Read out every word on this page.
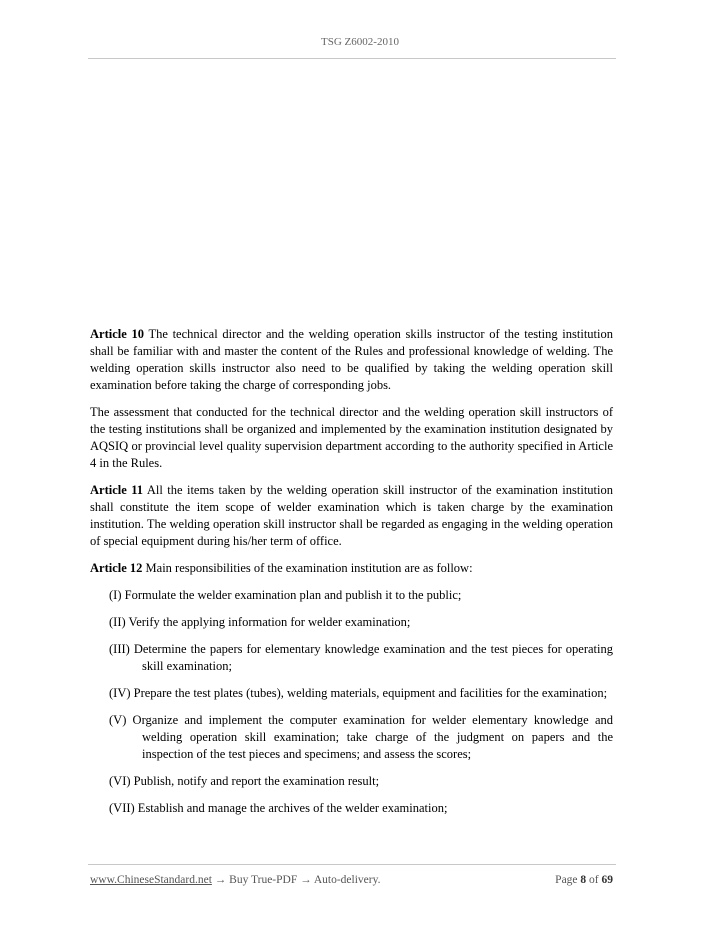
TSG Z6002-2010

Article 10 The technical director and the welding operation skills instructor of the testing institution shall be familiar with and master the content of the Rules and professional knowledge of welding. The welding operation skills instructor also need to be qualified by taking the welding operation skill examination before taking the charge of corresponding jobs.

The assessment that conducted for the technical director and the welding operation skill instructors of the testing institutions shall be organized and implemented by the examination institution designated by AQSIQ or provincial level quality supervision department according to the authority specified in Article 4 in the Rules.

Article 11 All the items taken by the welding operation skill instructor of the examination institution shall constitute the item scope of welder examination which is taken charge by the examination institution. The welding operation skill instructor shall be regarded as engaging in the welding operation of special equipment during his/her term of office.

Article 12 Main responsibilities of the examination institution are as follow:

(I) Formulate the welder examination plan and publish it to the public;

(II) Verify the applying information for welder examination;

(III) Determine the papers for elementary knowledge examination and the test pieces for operating skill examination;

(IV) Prepare the test plates (tubes), welding materials, equipment and facilities for the examination;

(V) Organize and implement the computer examination for welder elementary knowledge and welding operation skill examination; take charge of the judgment on papers and the inspection of the test pieces and specimens; and assess the scores;

(VI) Publish, notify and report the examination result;

(VII) Establish and manage the archives of the welder examination;

www.ChineseStandard.net → Buy True-PDF → Auto-delivery.	Page 8 of 69
